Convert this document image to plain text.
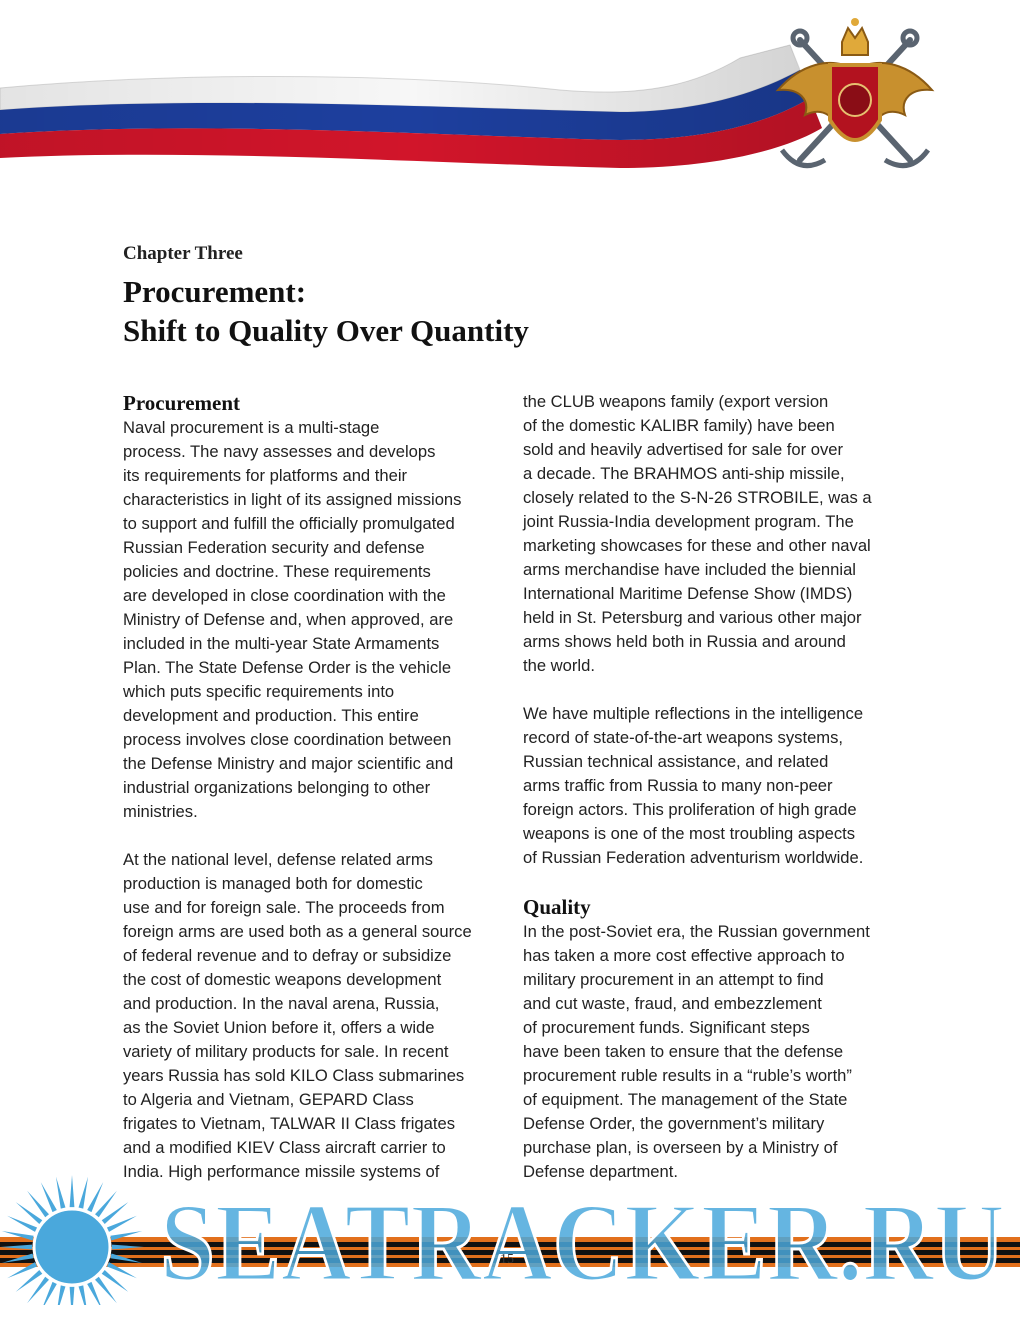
Chapter Three
Procurement:
Shift to Quality Over Quantity
Procurement

Naval procurement is a multi-stage
process. The navy assesses and develops
its requirements for platforms and their
characteristics in light of its assigned missions
to support and fulfill the officially promulgated
Russian Federation security and defense
policies and doctrine. These requirements
are developed in close coordination with the
Ministry of Defense and, when approved, are
included in the multi-year State Armaments
Plan. The State Defense Order is the vehicle
which puts specific requirements into
development and production. This entire
process involves close coordination between
the Defense Ministry and major scientific and
industrial organizations belonging to other
ministries.

At the national level, defense related arms
production is managed both for domestic
use and for foreign sale. The proceeds from
foreign arms are used both as a general source
of federal revenue and to defray or subsidize
the cost of domestic weapons development
and production. In the naval arena, Russia,
as the Soviet Union before it, offers a wide
variety of military products for sale. In recent
years Russia has sold KILO Class submarines
to Algeria and Vietnam, GEPARD Class
frigates to Vietnam, TALWAR II Class frigates
and a modified KIEV Class aircraft carrier to
India. High performance missile systems of

the CLUB weapons family (export version
of the domestic KALIBR family) have been
sold and heavily advertised for sale for over
a decade. The BRAHMOS anti-ship missile,
closely related to the S-N-26 STROBILE, was a
joint Russia-India development program. The
marketing showcases for these and other naval
arms merchandise have included the biennial
International Maritime Defense Show (IMDS)
held in St. Petersburg and various other major
arms shows held both in Russia and around
the world.

We have multiple reflections in the intelligence
record of state-of-the-art weapons systems,
Russian technical assistance, and related
arms traffic from Russia to many non-peer
foreign actors. This proliferation of high grade
weapons is one of the most troubling aspects
of Russian Federation adventurism worldwide.

Quality

In the post-Soviet era, the Russian government
has taken a more cost effective approach to
military procurement in an attempt to find
and cut waste, fraud, and embezzlement
of procurement funds. Significant steps
have been taken to ensure that the defense
procurement ruble results in a “ruble’s worth”
of equipment. The management of the State
Defense Order, the government’s military
purchase plan, is overseen by a Ministry of
Defense department.

SEATRACKER.RU
15
